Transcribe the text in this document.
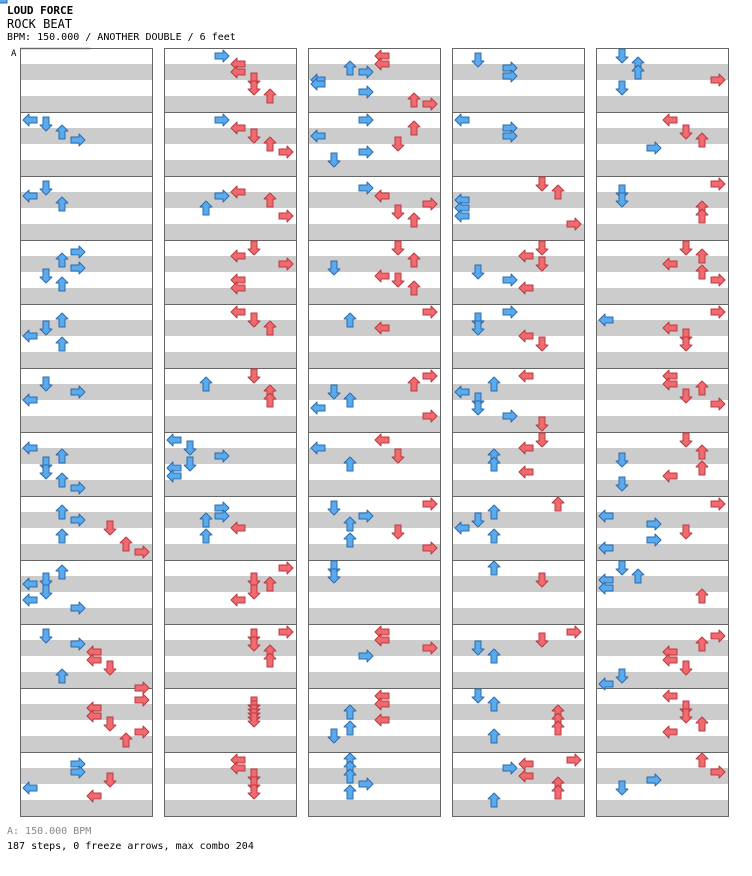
LOUD FORCE
ROCK BEAT
BPM: 150.000 / ANOTHER DOUBLE / 6 feet
A
A: 150.000 BPM
187 steps, 0 freeze arrows, max combo 204
